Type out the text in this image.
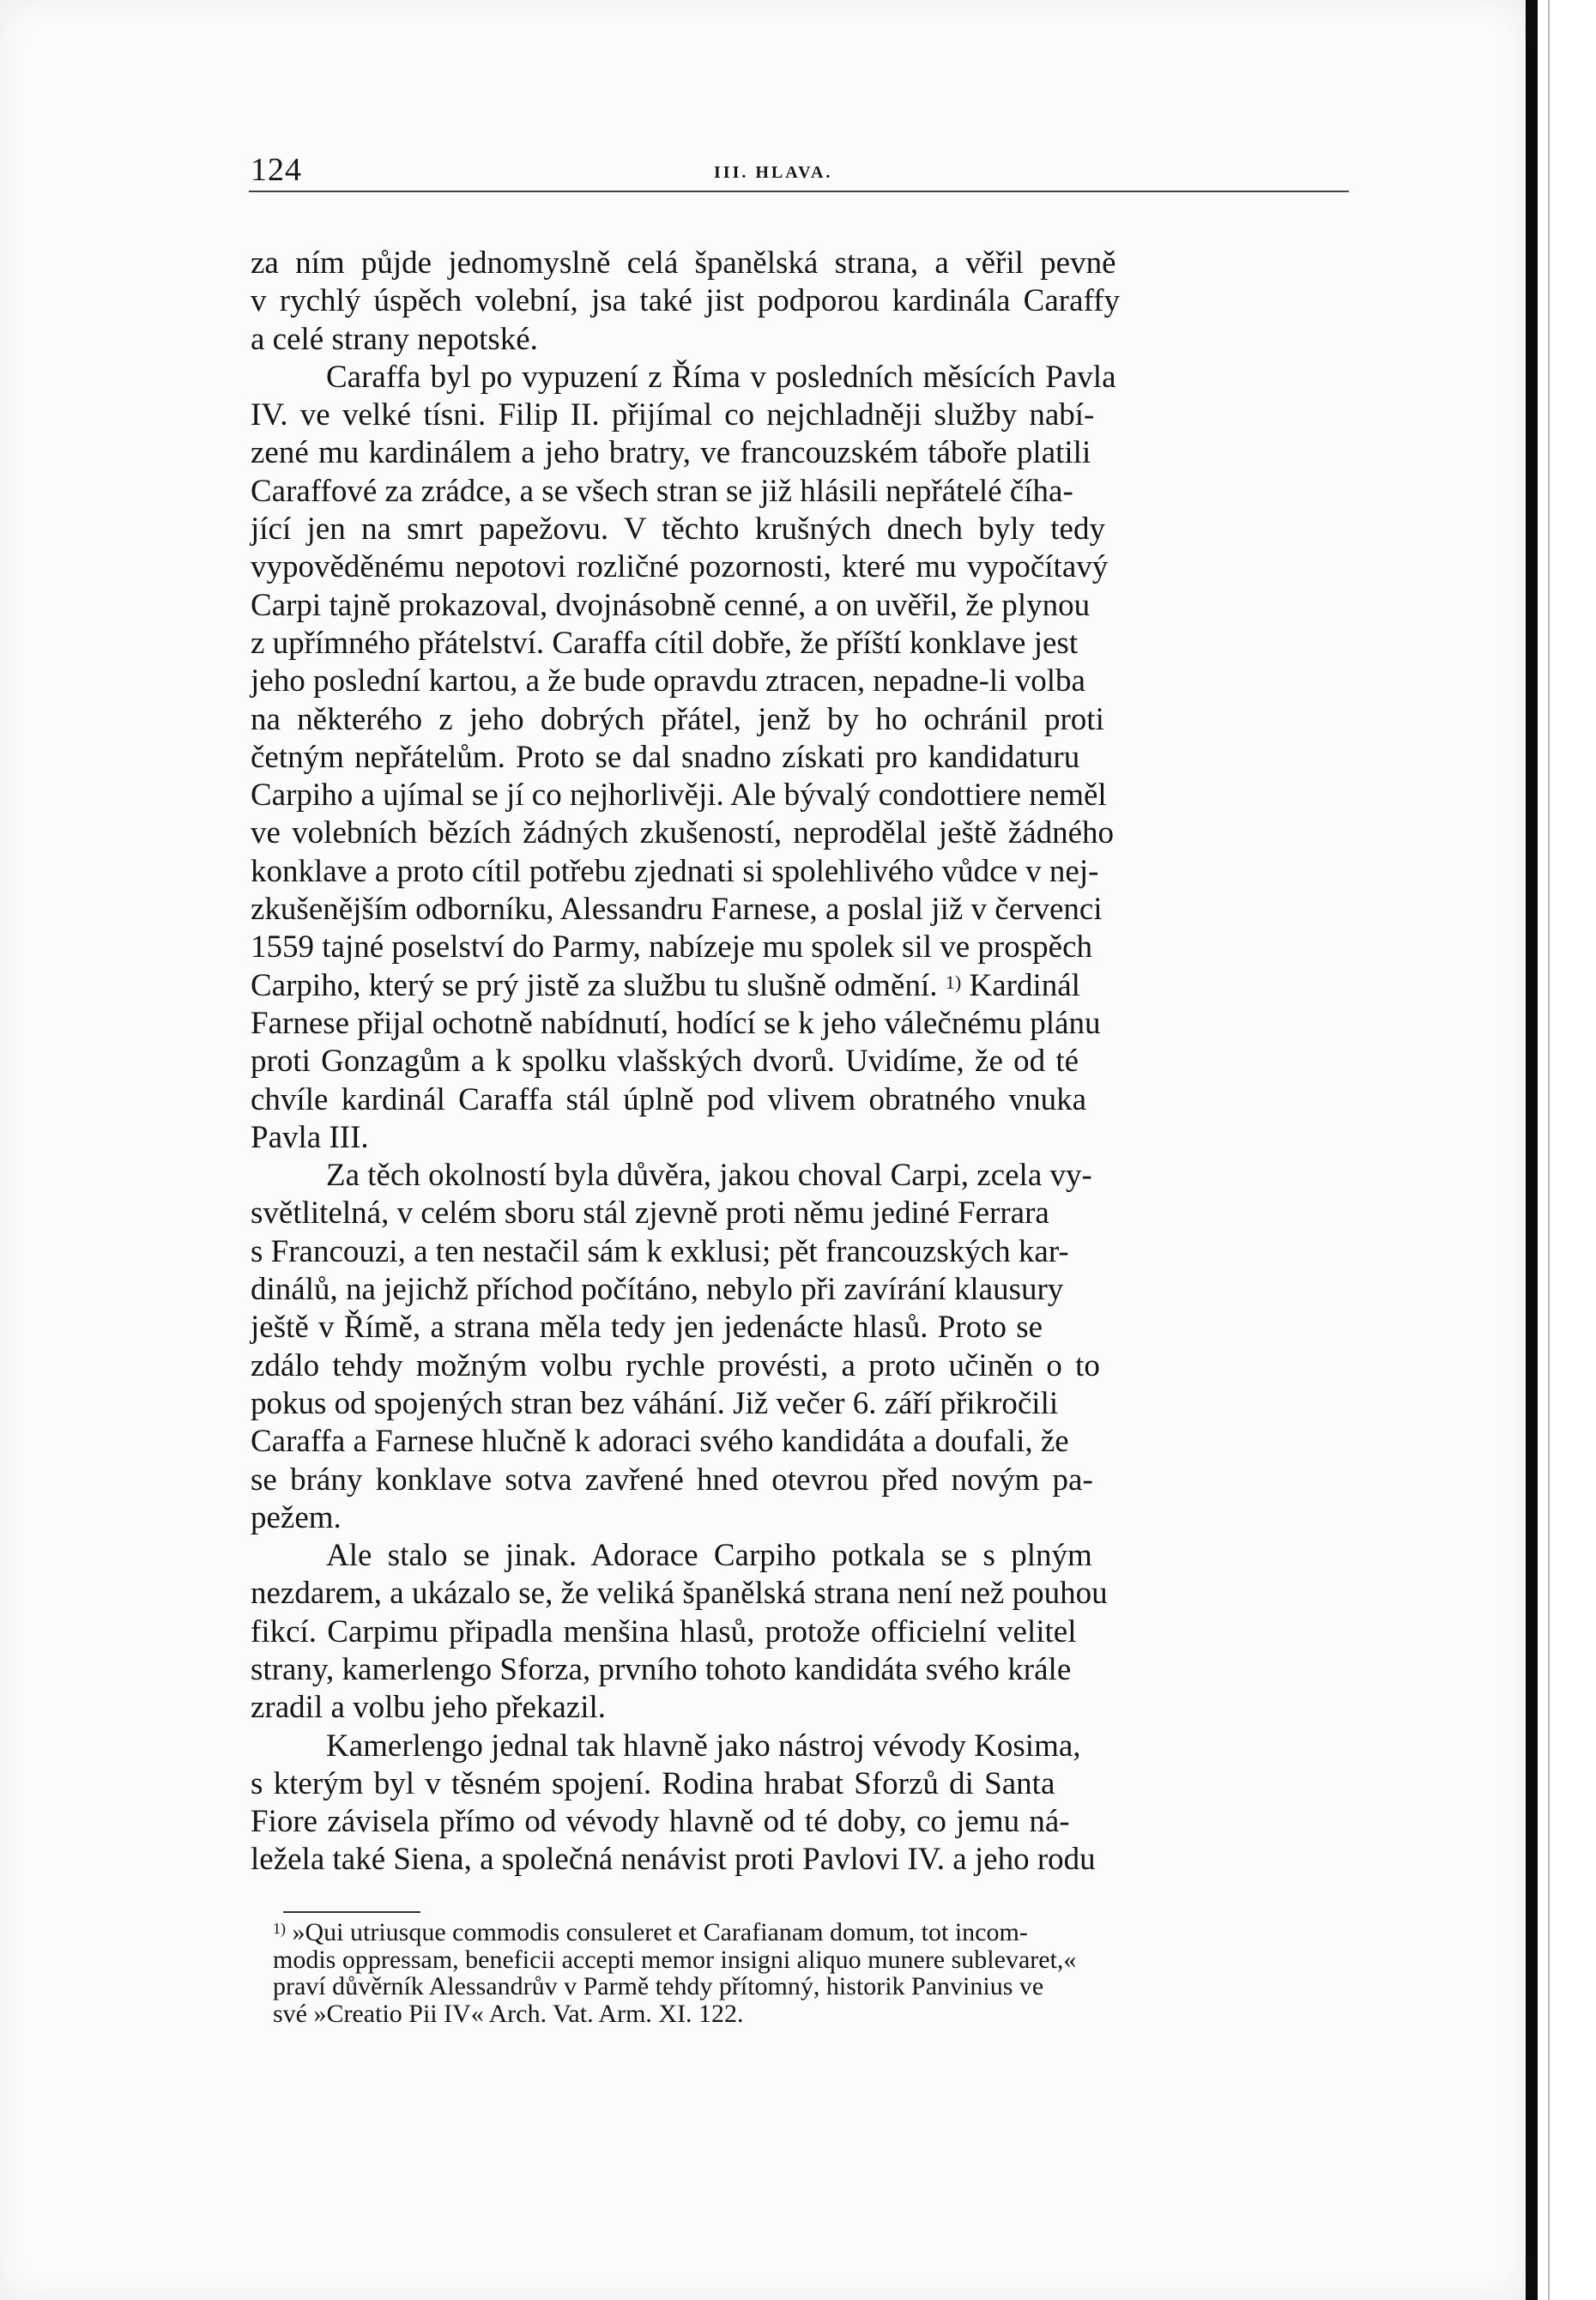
124	III. HLAVA.
za ním půjde jednomyslně celá španělská strana, a věřil pevně
v rychlý úspěch volební, jsa také jist podporou kardinála Caraffy
a celé strany nepotské.
Caraffa byl po vypuzení z Říma v posledních měsících Pavla
IV. ve velké tísni. Filip II. přijímal co nejchladněji služby nabí-
zené mu kardinálem a jeho bratry, ve francouzském táboře platili
Caraffové za zrádce, a se všech stran se již hlásili nepřátelé číha-
jící jen na smrt papežovu. V těchto krušných dnech byly tedy
vypověděnému nepotovi rozličné pozornosti, které mu vypočítavý
Carpi tajně prokazoval, dvojnásobně cenné, a on uvěřil, že plynou
z upřímného přátelství. Caraffa cítil dobře, že příští konklave jest
jeho poslední kartou, a že bude opravdu ztracen, nepadne-li volba
na některého z jeho dobrých přátel, jenž by ho ochránil proti
četným nepřátelům. Proto se dal snadno získati pro kandidaturu
Carpiho a ujímal se jí co nejhorlivěji. Ale bývalý condottiere neměl
ve volebních bězích žádných zkušeností, neprodělal ještě žádného
konklave a proto cítil potřebu zjednati si spolehlivého vůdce v nej-
zkušenějším odborníku, Alessandru Farnese, a poslal již v červenci
1559 tajné poselství do Parmy, nabízeje mu spolek sil ve prospěch
Carpiho, který se prý jistě za službu tu slušně odmění. $^{1)}$ Kardinál
Farnese přijal ochotně nabídnutí, hodící se k jeho válečnému plánu
proti Gonzagům a k spolku vlašských dvorů. Uvidíme, že od té
chvíle kardinál Caraffa stál úplně pod vlivem obratného vnuka
Pavla III.
Za těch okolností byla důvěra, jakou choval Carpi, zcela vy-
světlitelná, v celém sboru stál zjevně proti němu jediné Ferrara
s Francouzi, a ten nestačil sám k exklusi; pět francouzských kar-
dinálů, na jejichž příchod počítáno, nebylo při zavírání klausury
ještě v Římě, a strana měla tedy jen jedenácte hlasů. Proto se
zdálo tehdy možným volbu rychle provésti, a proto učiněn o to
pokus od spojených stran bez váhání. Již večer 6. září přikročili
Caraffa a Farnese hlučně k adoraci svého kandidáta a doufali, že
se brány konklave sotva zavřené hned otevrou před novým pa-
pežem.
Ale stalo se jinak. Adorace Carpiho potkala se s plným
nezdarem, a ukázalo se, že veliká španělská strana není než pouhou
fikcí. Carpimu připadla menšina hlasů, protože officielní velitel
strany, kamerlengo Sforza, prvního tohoto kandidáta svého krále
zradil a volbu jeho překazil.
Kamerlengo jednal tak hlavně jako nástroj vévody Kosima,
s kterým byl v těsném spojení. Rodina hrabat Sforzů di Santa
Fiore závisela přímo od vévody hlavně od té doby, co jemu ná-
ležela také Siena, a společná nenávist proti Pavlovi IV. a jeho rodu
$^{1)}$ »Qui utriusque commodis consuleret et Carafianam domum, tot incom-
modis oppressam, beneficii accepti memor insigni aliquo munere sublevaret,«
praví důvěrník Alessandrův v Parmě tehdy přítomný, historik Panvinius ve
své »Creatio Pii IV« Arch. Vat. Arm. XI. 122.
